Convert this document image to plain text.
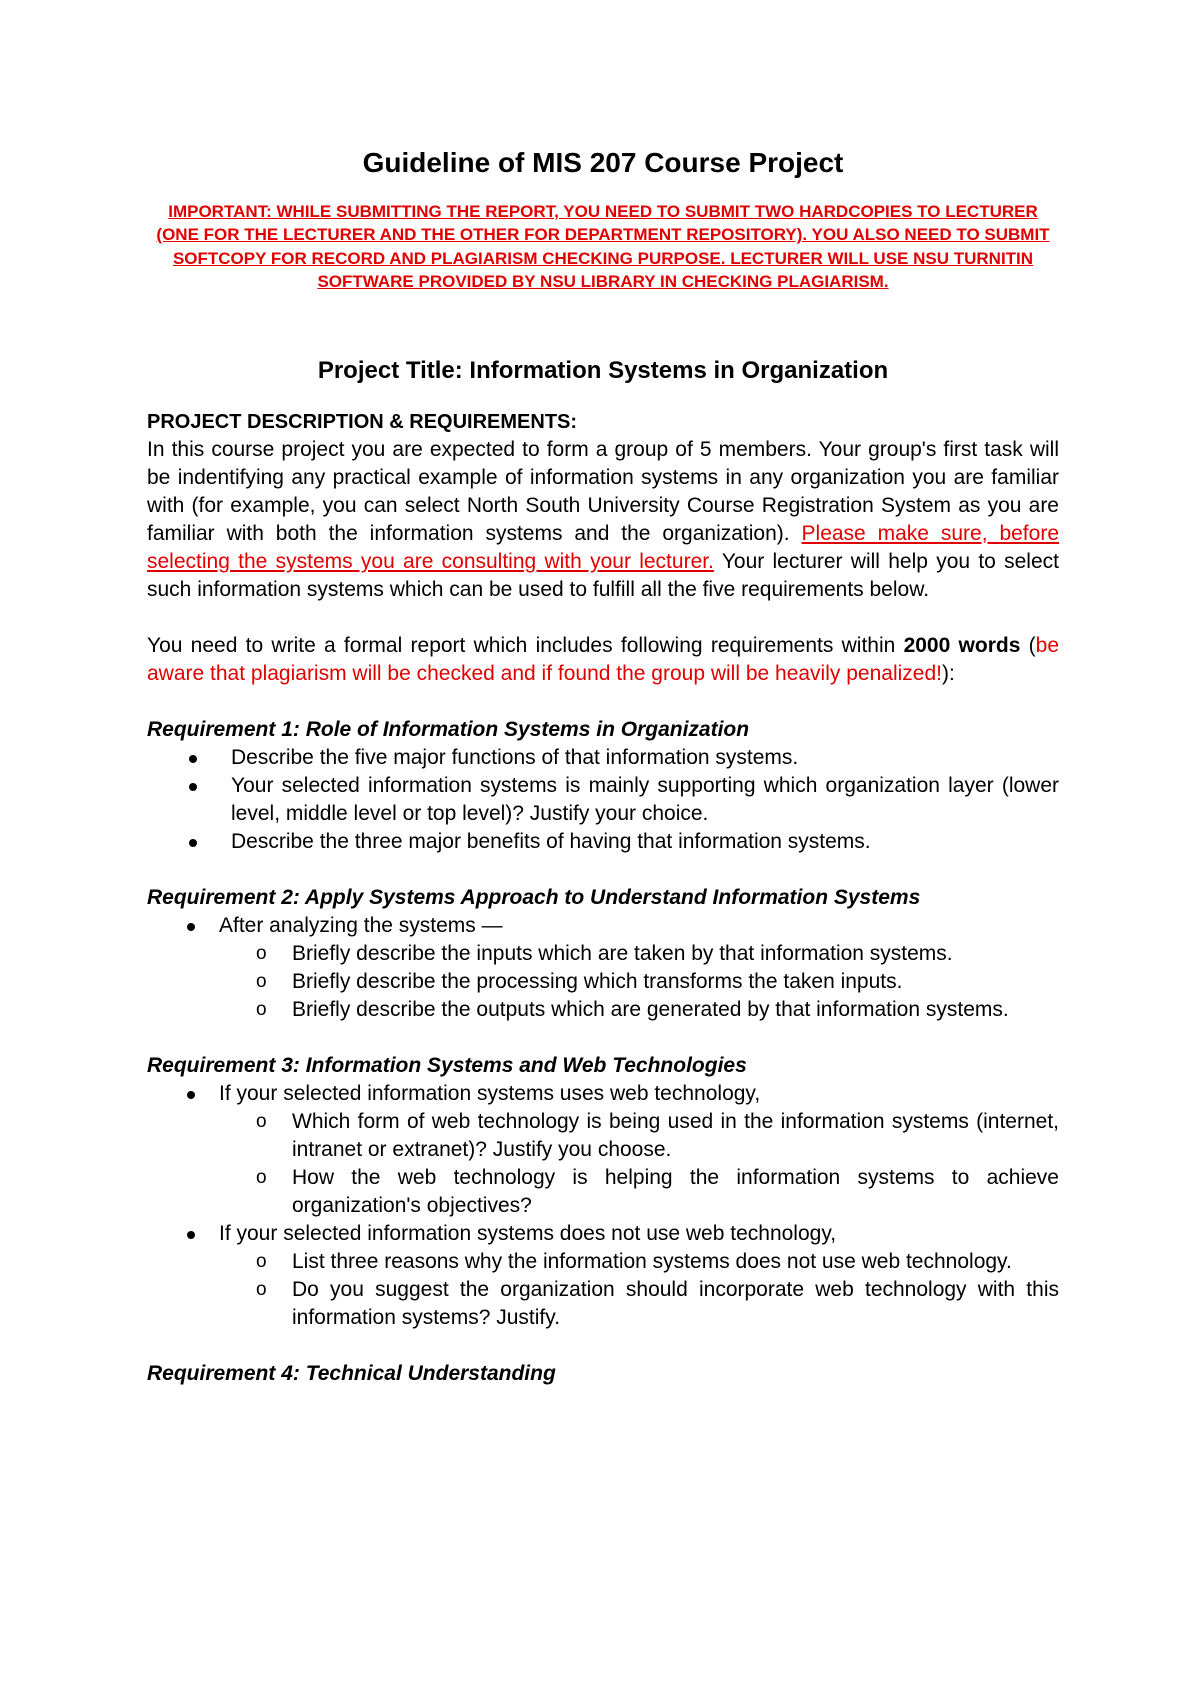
Guideline of MIS 207 Course Project
IMPORTANT: WHILE SUBMITTING THE REPORT, YOU NEED TO SUBMIT TWO HARDCOPIES TO LECTURER (ONE FOR THE LECTURER AND THE OTHER FOR DEPARTMENT REPOSITORY). YOU ALSO NEED TO SUBMIT SOFTCOPY FOR RECORD AND PLAGIARISM CHECKING PURPOSE. LECTURER WILL USE NSU TURNITIN SOFTWARE PROVIDED BY NSU LIBRARY IN CHECKING PLAGIARISM.
Project Title: Information Systems in Organization
PROJECT DESCRIPTION & REQUIREMENTS:

In this course project you are expected to form a group of 5 members. Your group's first task will be indentifying any practical example of information systems in any organization you are familiar with (for example, you can select North South University Course Registration System as you are familiar with both the information systems and the organization). Please make sure, before selecting the systems you are consulting with your lecturer. Your lecturer will help you to select such information systems which can be used to fulfill all the five requirements below.

You need to write a formal report which includes following requirements within 2000 words (be aware that plagiarism will be checked and if found the group will be heavily penalized!):

Requirement 1: Role of Information Systems in Organization
Describe the five major functions of that information systems.
Your selected information systems is mainly supporting which organization layer (lower level, middle level or top level)? Justify your choice.
Describe the three major benefits of having that information systems.
Requirement 2: Apply Systems Approach to Understand Information Systems
After analyzing the systems —
o Briefly describe the inputs which are taken by that information systems.
o Briefly describe the processing which transforms the taken inputs.
o Briefly describe the outputs which are generated by that information systems.
Requirement 3: Information Systems and Web Technologies
If your selected information systems uses web technology,
o Which form of web technology is being used in the information systems (internet, intranet or extranet)? Justify you choose.
o How the web technology is helping the information systems to achieve organization's objectives?
If your selected information systems does not use web technology,
o List three reasons why the information systems does not use web technology.
o Do you suggest the organization should incorporate web technology with this information systems? Justify.
Requirement 4: Technical Understanding
